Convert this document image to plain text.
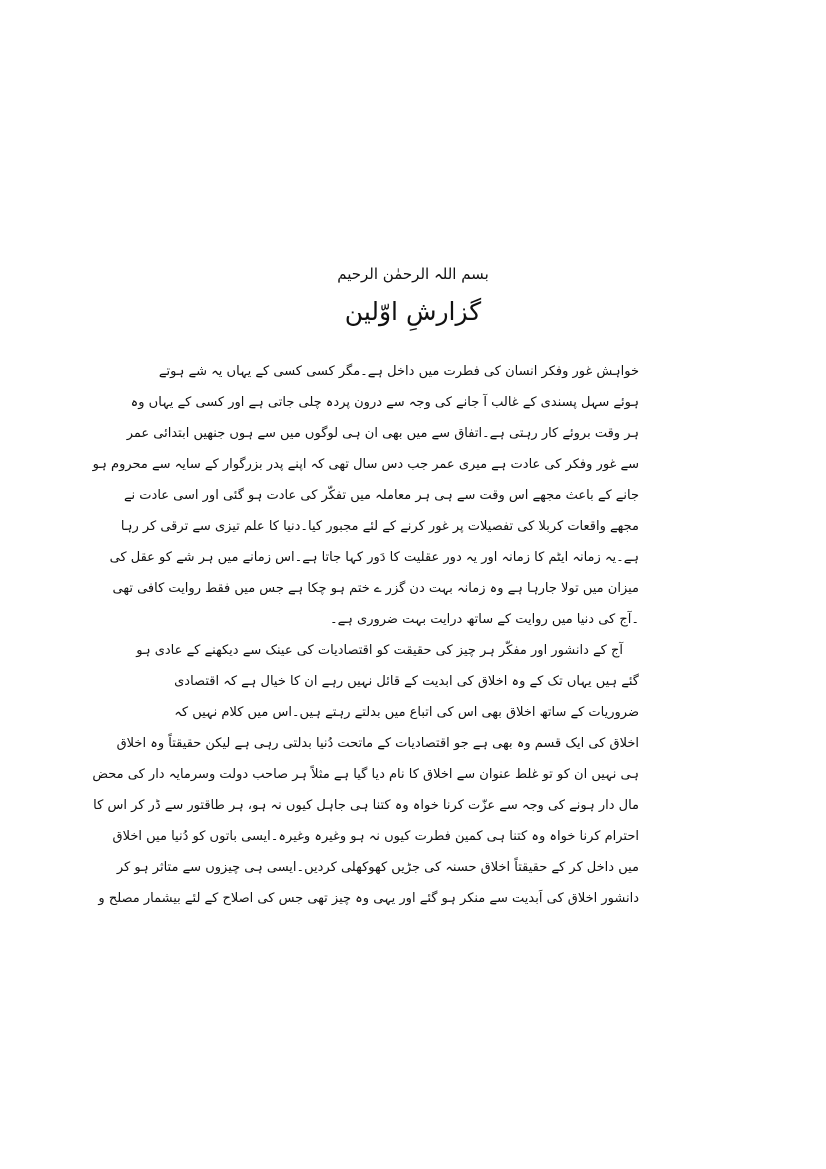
بسم اللہ الرحمٰن الرحیم
گزارشِ اوّلین
خواہش غور وفکر انسان کی فطرت میں داخل ہے۔مگر کسی کسی کے یہاں یہ شے ہوتے
ہوئے سہل پسندی کے غالب آ جانے کی وجہ سے درون پردہ چلی جاتی ہے اور کسی کے یہاں وہ
ہر وقت بروئے کار رہتی ہے۔اتفاق سے میں بھی ان ہی لوگوں میں سے ہوں جنھیں ابتدائی عمر
سے غور وفکر کی عادت ہے میری عمر جب دس سال تھی کہ اپنے پدر بزرگوار کے سایہ سے محروم ہو
جانے کے باعث مجھے اس وقت سے ہی ہر معاملہ میں تفکّر کی عادت ہو گئی اور اسی عادت نے
مجھے واقعات کربلا کی تفصیلات پر غور کرنے کے لئے مجبور کیا۔دنیا کا علم تیزی سے ترقی کر رہا
ہے۔یہ زمانہ ایٹم کا زمانہ اور یہ دور عقلیت کا دَور کہا جاتا ہے۔اس زمانے میں ہر شے کو عقل کی
میزان میں تولا جارہا ہے وہ زمانہ بہت دن گزر ے ختم ہو چکا ہے جس میں فقط روایت کافی تھی
۔آج کی دنیا میں روایت کے ساتھ درایت بہت ضروری ہے۔
آج کے دانشور اور مفکّر ہر چیز کی حقیقت کو اقتصادیات کی عینک سے دیکھنے کے عادی ہو
گئے ہیں یہاں تک کے وہ اخلاق کی ابدیت کے قائل نہیں رہے ان کا خیال ہے کہ اقتصادی
ضروریات کے ساتھ اخلاق بھی اس کی اتباع میں بدلتے رہتے ہیں۔اس میں کلام نہیں کہ
اخلاق کی ایک قسم وہ بھی ہے جو اقتصادیات کے ماتحت دُنیا بدلتی رہی ہے لیکن حقیقتاً وہ اخلاق
ہی نہیں ان کو تو غلط عنوان سے اخلاق کا نام دیا گیا ہے مثلاً ہر صاحب دولت وسرمایہ دار کی محض
مال دار ہونے کی وجہ سے عزّت کرنا خواہ وہ کتنا ہی جاہل کیوں نہ ہو، ہر طاقتور سے ڈر کر اس کا
احترام کرنا خواہ وہ کتنا ہی کمین فطرت کیوں نہ ہو وغیرہ وغیرہ۔ایسی باتوں کو دُنیا میں اخلاق
میں داخل کر کے حقیقتاً اخلاق حسنہ کی جڑیں کھوکھلی کردیں۔ایسی ہی چیزوں سے متاثر ہو کر
دانشور اخلاق کی اَبدیت سے منکر ہو گئے اور یہی وہ چیز تھی جس کی اصلاح کے لئے بیشمار مصلح و
